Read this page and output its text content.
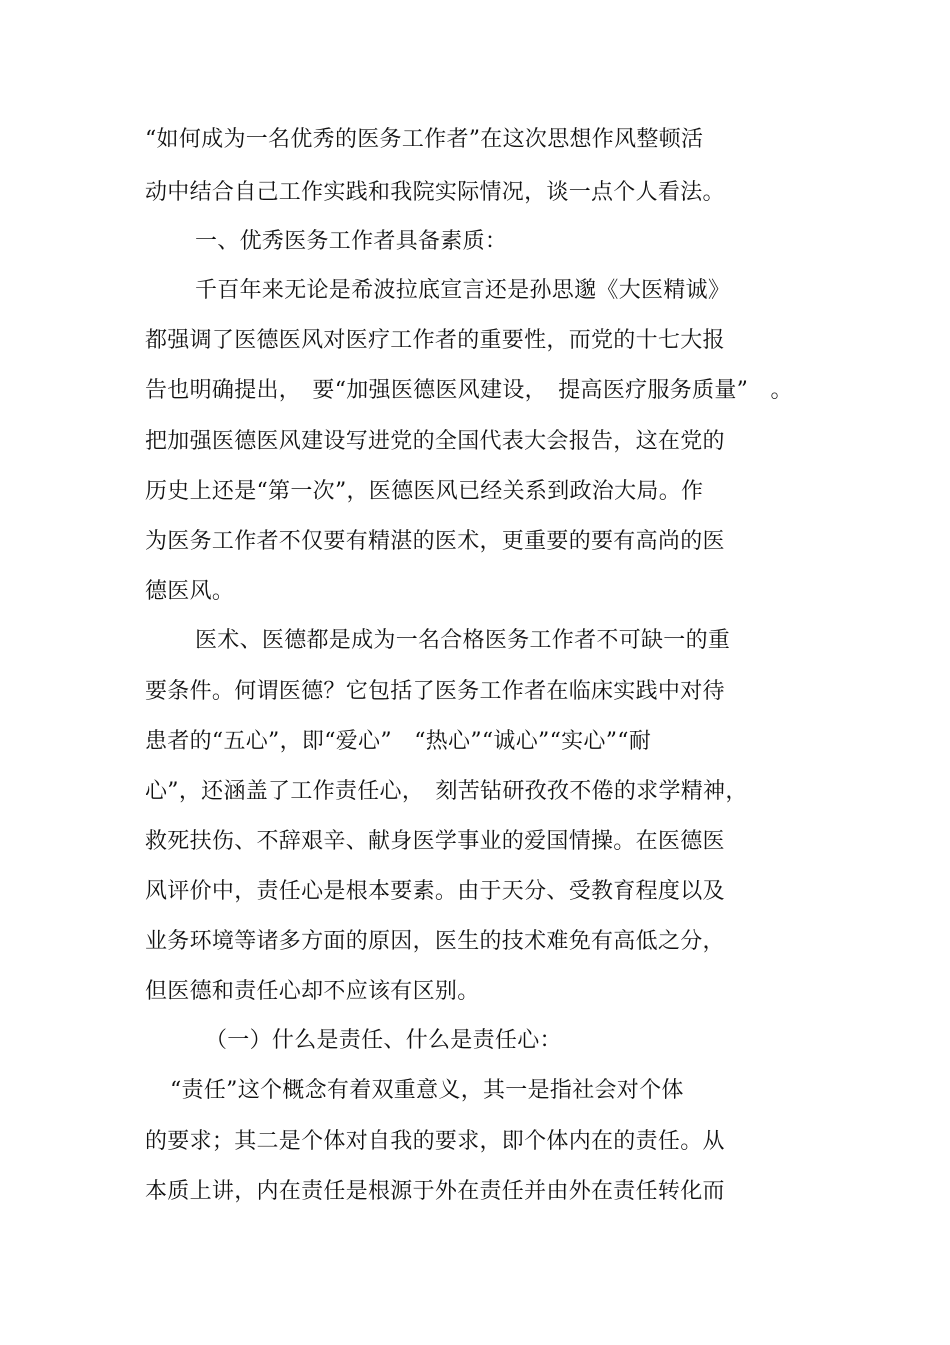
“如何成为一名优秀的医务工作者”在这次思想作风整顿活
动中结合自己工作实践和我院实际情况，谈一点个人看法。
一、优秀医务工作者具备素质：
千百年来无论是希波拉底宣言还是孙思邈《大医精诚》
都强调了医德医风对医疗工作者的重要性，而党的十七大报
告也明确提出，　要“加强医德医风建设，　提高医疗服务质量”　。
把加强医德医风建设写进党的全国代表大会报告，这在党的
历史上还是“第一次”，医德医风已经关系到政治大局。作
为医务工作者不仅要有精湛的医术，更重要的要有高尚的医
德医风。
医术、医德都是成为一名合格医务工作者不可缺一的重
要条件。何谓医德？它包括了医务工作者在临床实践中对待
患者的“五心”，即“爱心”　“热心”“诚心”“实心”“耐
心”，还涵盖了工作责任心，　刻苦钻研孜孜不倦的求学精神，
救死扶伤、不辞艰辛、献身医学事业的爱国情操。在医德医
风评价中，责任心是根本要素。由于天分、受教育程度以及
业务环境等诸多方面的原因，医生的技术难免有高低之分，
但医德和责任心却不应该有区别。
（一）什么是责任、什么是责任心：
“责任”这个概念有着双重意义，其一是指社会对个体
的要求；其二是个体对自我的要求，即个体内在的责任。从
本质上讲，内在责任是根源于外在责任并由外在责任转化而
